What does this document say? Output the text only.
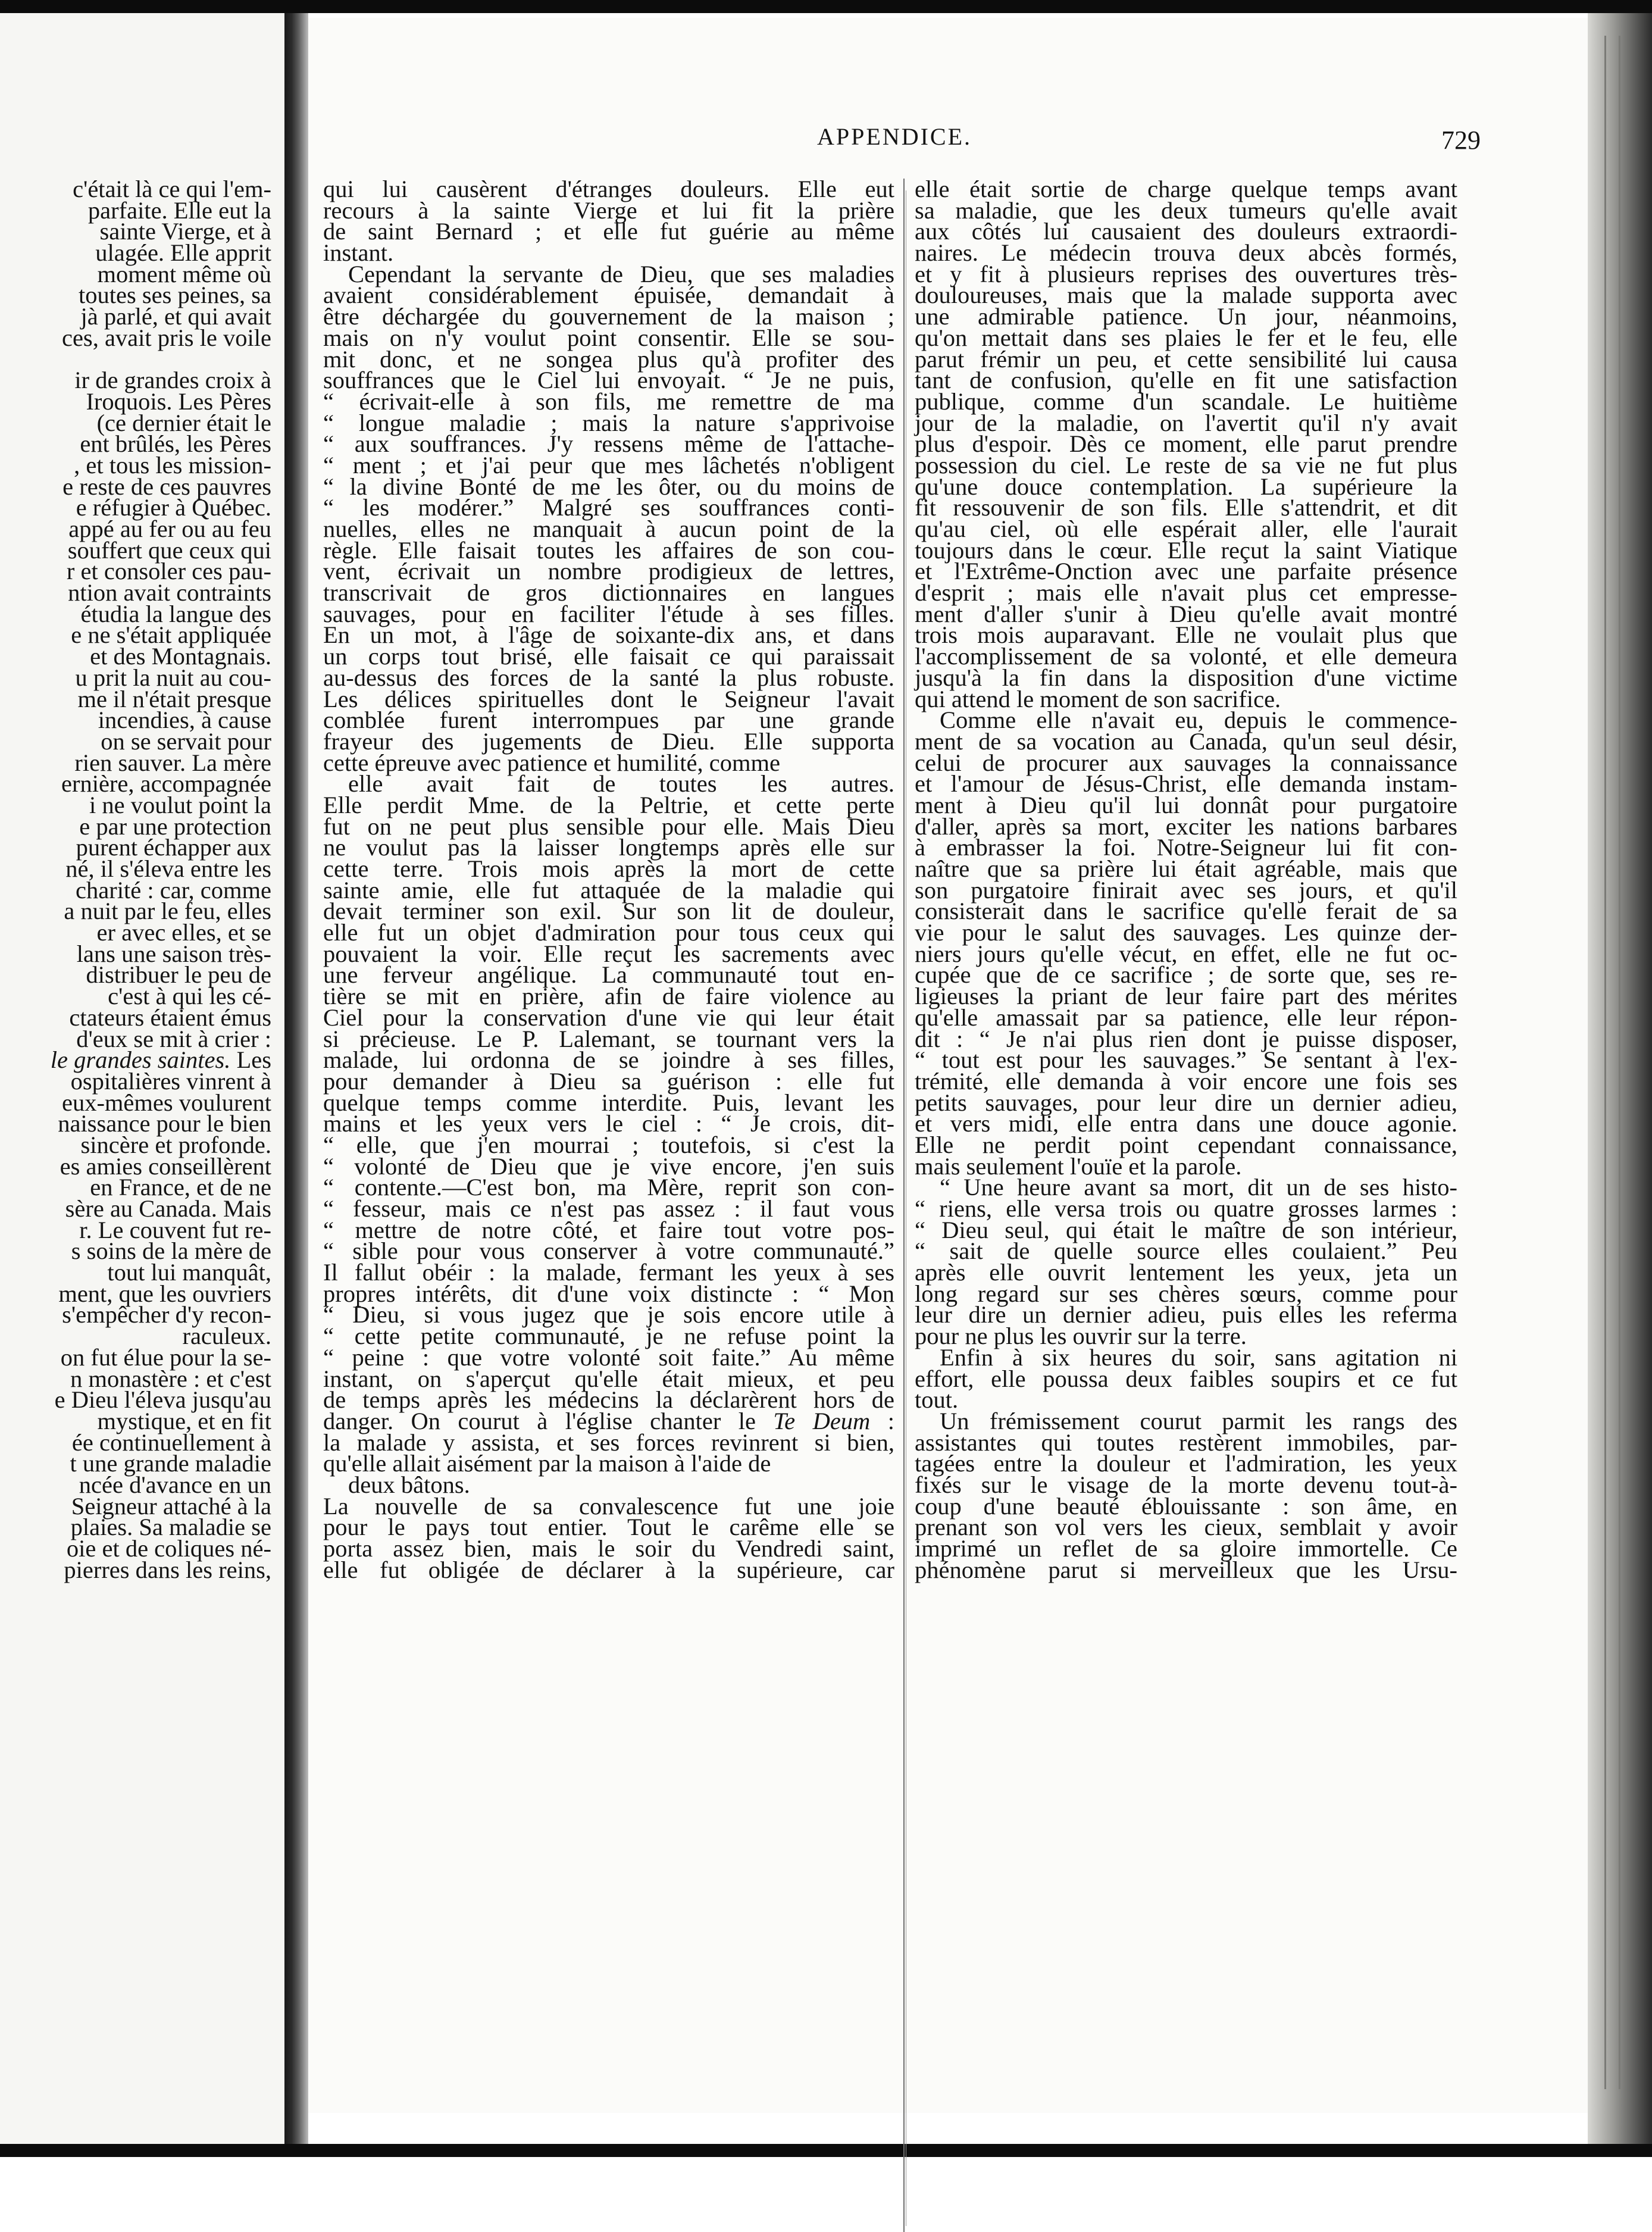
c'était là ce qui l'em-
parfaite. Elle eut la
sainte Vierge, et à
ulagée. Elle apprit
moment même où
toutes ses peines, sa
jà parlé, et qui avait
ces, avait pris le voile
ir de grandes croix à
Iroquois. Les Pères
(ce dernier était le
ent brûlés, les Pères
, et tous les mission-
e reste de ces pauvres
e réfugier à Québec.
appé au fer ou au feu
souffert que ceux qui
r et consoler ces pau-
ntion avait contraints
étudia la langue des
e ne s'était appliquée
et des Montagnais.
u prit la nuit au cou-
me il n'était presque
incendies, à cause
on se servait pour
rien sauver. La mère
ernière, accompagnée
i ne voulut point la
e par une protection
purent échapper aux
né, il s'éleva entre les
charité : car, comme
a nuit par le feu, elles
er avec elles, et se
lans une saison très-
distribuer le peu de
c'est à qui les cé-
ctateurs étaient émus
d'eux se mit à crier :
le grandes saintes. Les
ospitalières vinrent à
eux-mêmes voulurent
naissance pour le bien
sincère et profonde.
es amies conseillèrent
en France, et de ne
sère au Canada. Mais
r. Le couvent fut re-
s soins de la mère de
tout lui manquât,
ment, que les ouvriers
s'empêcher d'y recon-
raculeux.
on fut élue pour la se-
n monastère : et c'est
e Dieu l'éleva jusqu'au
mystique, et en fit
ée continuellement à
t une grande maladie
ncée d'avance en un
Seigneur attaché à la
plaies. Sa maladie se
oie et de coliques né-
pierres dans les reins,
APPENDICE.	729
qui lui causèrent d'étranges douleurs. Elle eut
recours à la sainte Vierge et lui fit la prière
de saint Bernard ; et elle fut guérie au même
instant.
Cependant la servante de Dieu, que ses maladies
avaient considérablement épuisée, demandait à
être déchargée du gouvernement de la maison ;
mais on n'y voulut point consentir. Elle se sou-
mit donc, et ne songea plus qu'à profiter des
souffrances que le Ciel lui envoyait. “ Je ne puis,
“ écrivait-elle à son fils, me remettre de ma
“ longue maladie ; mais la nature s'apprivoise
“ aux souffrances. J'y ressens même de l'attache-
“ ment ; et j'ai peur que mes lâchetés n'obligent
“ la divine Bonté de me les ôter, ou du moins de
“ les modérer.” Malgré ses souffrances conti-
nuelles, elles ne manquait à aucun point de la
règle. Elle faisait toutes les affaires de son cou-
vent, écrivait un nombre prodigieux de lettres,
transcrivait de gros dictionnaires en langues
sauvages, pour en faciliter l'étude à ses filles.
En un mot, à l'âge de soixante-dix ans, et dans
un corps tout brisé, elle faisait ce qui paraissait
au-dessus des forces de la santé la plus robuste.
Les délices spirituelles dont le Seigneur l'avait
comblée furent interrompues par une grande
frayeur des jugements de Dieu. Elle supporta
cette épreuve avec patience et humilité, comme
elle avait fait de toutes les autres.
Elle perdit Mme. de la Peltrie, et cette perte
fut on ne peut plus sensible pour elle. Mais Dieu
ne voulut pas la laisser longtemps après elle sur
cette terre. Trois mois après la mort de cette
sainte amie, elle fut attaquée de la maladie qui
devait terminer son exil. Sur son lit de douleur,
elle fut un objet d'admiration pour tous ceux qui
pouvaient la voir. Elle reçut les sacrements avec
une ferveur angélique. La communauté tout en-
tière se mit en prière, afin de faire violence au
Ciel pour la conservation d'une vie qui leur était
si précieuse. Le P. Lalemant, se tournant vers la
malade, lui ordonna de se joindre à ses filles,
pour demander à Dieu sa guérison : elle fut
quelque temps comme interdite. Puis, levant les
mains et les yeux vers le ciel : “ Je crois, dit-
“ elle, que j'en mourrai ; toutefois, si c'est la
“ volonté de Dieu que je vive encore, j'en suis
“ contente.—C'est bon, ma Mère, reprit son con-
“ fesseur, mais ce n'est pas assez : il faut vous
“ mettre de notre côté, et faire tout votre pos-
“ sible pour vous conserver à votre communauté.”
Il fallut obéir : la malade, fermant les yeux à ses
propres intérêts, dit d'une voix distincte : “ Mon
“ Dieu, si vous jugez que je sois encore utile à
“ cette petite communauté, je ne refuse point la
“ peine : que votre volonté soit faite.” Au même
instant, on s'aperçut qu'elle était mieux, et peu
de temps après les médecins la déclarèrent hors de
danger. On courut à l'église chanter le Te Deum :
la malade y assista, et ses forces revinrent si bien,
qu'elle allait aisément par la maison à l'aide de
deux bâtons.
La nouvelle de sa convalescence fut une joie
pour le pays tout entier. Tout le carême elle se
porta assez bien, mais le soir du Vendredi saint,
elle fut obligée de déclarer à la supérieure, car
elle était sortie de charge quelque temps avant
sa maladie, que les deux tumeurs qu'elle avait
aux côtés lui causaient des douleurs extraordi-
naires. Le médecin trouva deux abcès formés,
et y fit à plusieurs reprises des ouvertures très-
douloureuses, mais que la malade supporta avec
une admirable patience. Un jour, néanmoins,
qu'on mettait dans ses plaies le fer et le feu, elle
parut frémir un peu, et cette sensibilité lui causa
tant de confusion, qu'elle en fit une satisfaction
publique, comme d'un scandale. Le huitième
jour de la maladie, on l'avertit qu'il n'y avait
plus d'espoir. Dès ce moment, elle parut prendre
possession du ciel. Le reste de sa vie ne fut plus
qu'une douce contemplation. La supérieure la
fit ressouvenir de son fils. Elle s'attendrit, et dit
qu'au ciel, où elle espérait aller, elle l'aurait
toujours dans le cœur. Elle reçut la saint Viatique
et l'Extrême-Onction avec une parfaite présence
d'esprit ; mais elle n'avait plus cet empresse-
ment d'aller s'unir à Dieu qu'elle avait montré
trois mois auparavant. Elle ne voulait plus que
l'accomplissement de sa volonté, et elle demeura
jusqu'à la fin dans la disposition d'une victime
qui attend le moment de son sacrifice.
Comme elle n'avait eu, depuis le commence-
ment de sa vocation au Canada, qu'un seul désir,
celui de procurer aux sauvages la connaissance
et l'amour de Jésus-Christ, elle demanda instam-
ment à Dieu qu'il lui donnât pour purgatoire
d'aller, après sa mort, exciter les nations barbares
à embrasser la foi. Notre-Seigneur lui fit con-
naître que sa prière lui était agréable, mais que
son purgatoire finirait avec ses jours, et qu'il
consisterait dans le sacrifice qu'elle ferait de sa
vie pour le salut des sauvages. Les quinze der-
niers jours qu'elle vécut, en effet, elle ne fut oc-
cupée que de ce sacrifice ; de sorte que, ses re-
ligieuses la priant de leur faire part des mérites
qu'elle amassait par sa patience, elle leur répon-
dit : “ Je n'ai plus rien dont je puisse disposer,
“ tout est pour les sauvages.” Se sentant à l'ex-
trémité, elle demanda à voir encore une fois ses
petits sauvages, pour leur dire un dernier adieu,
et vers midi, elle entra dans une douce agonie.
Elle ne perdit point cependant connaissance,
mais seulement l'ouïe et la parole.
“ Une heure avant sa mort, dit un de ses histo-
“ riens, elle versa trois ou quatre grosses larmes :
“ Dieu seul, qui était le maître de son intérieur,
“ sait de quelle source elles coulaient.” Peu
après elle ouvrit lentement les yeux, jeta un
long regard sur ses chères sœurs, comme pour
leur dire un dernier adieu, puis elles les referma
pour ne plus les ouvrir sur la terre.
Enfin à six heures du soir, sans agitation ni
effort, elle poussa deux faibles soupirs et ce fut
tout.
Un frémissement courut parmit les rangs des
assistantes qui toutes restèrent immobiles, par-
tagées entre la douleur et l'admiration, les yeux
fixés sur le visage de la morte devenu tout-à-
coup d'une beauté éblouissante : son âme, en
prenant son vol vers les cieux, semblait y avoir
imprimé un reflet de sa gloire immortelle. Ce
phénomène parut si merveilleux que les Ursu-
